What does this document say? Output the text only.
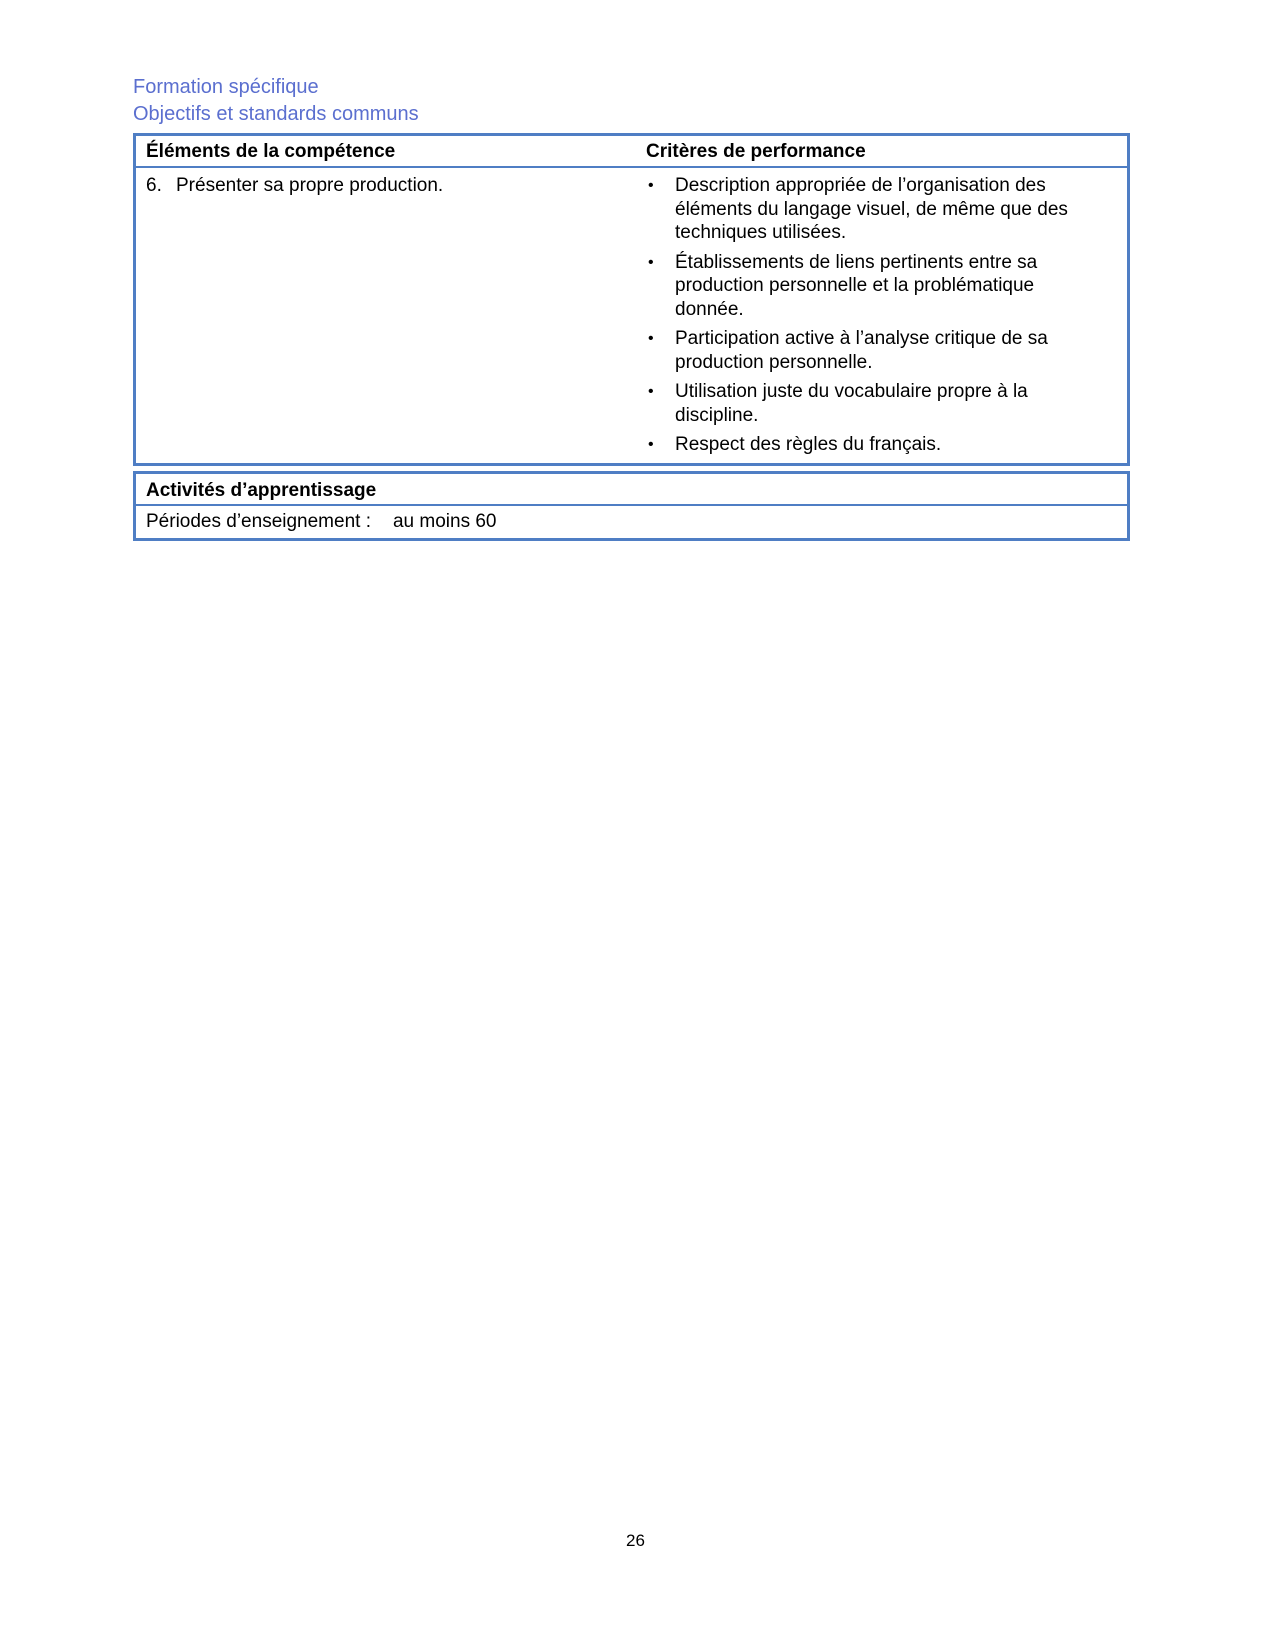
Formation spécifique
Objectifs et standards communs
Éléments de la compétence	Critères de performance
6. Présenter sa propre production.	• Description appropriée de l’organisation des éléments du langage visuel, de même que des techniques utilisées.
• Établissements de liens pertinents entre sa production personnelle et la problématique donnée.
• Participation active à l’analyse critique de sa production personnelle.
• Utilisation juste du vocabulaire propre à la discipline.
• Respect des règles du français.
Activités d’apprentissage
Périodes d’enseignement : au moins 60
26
